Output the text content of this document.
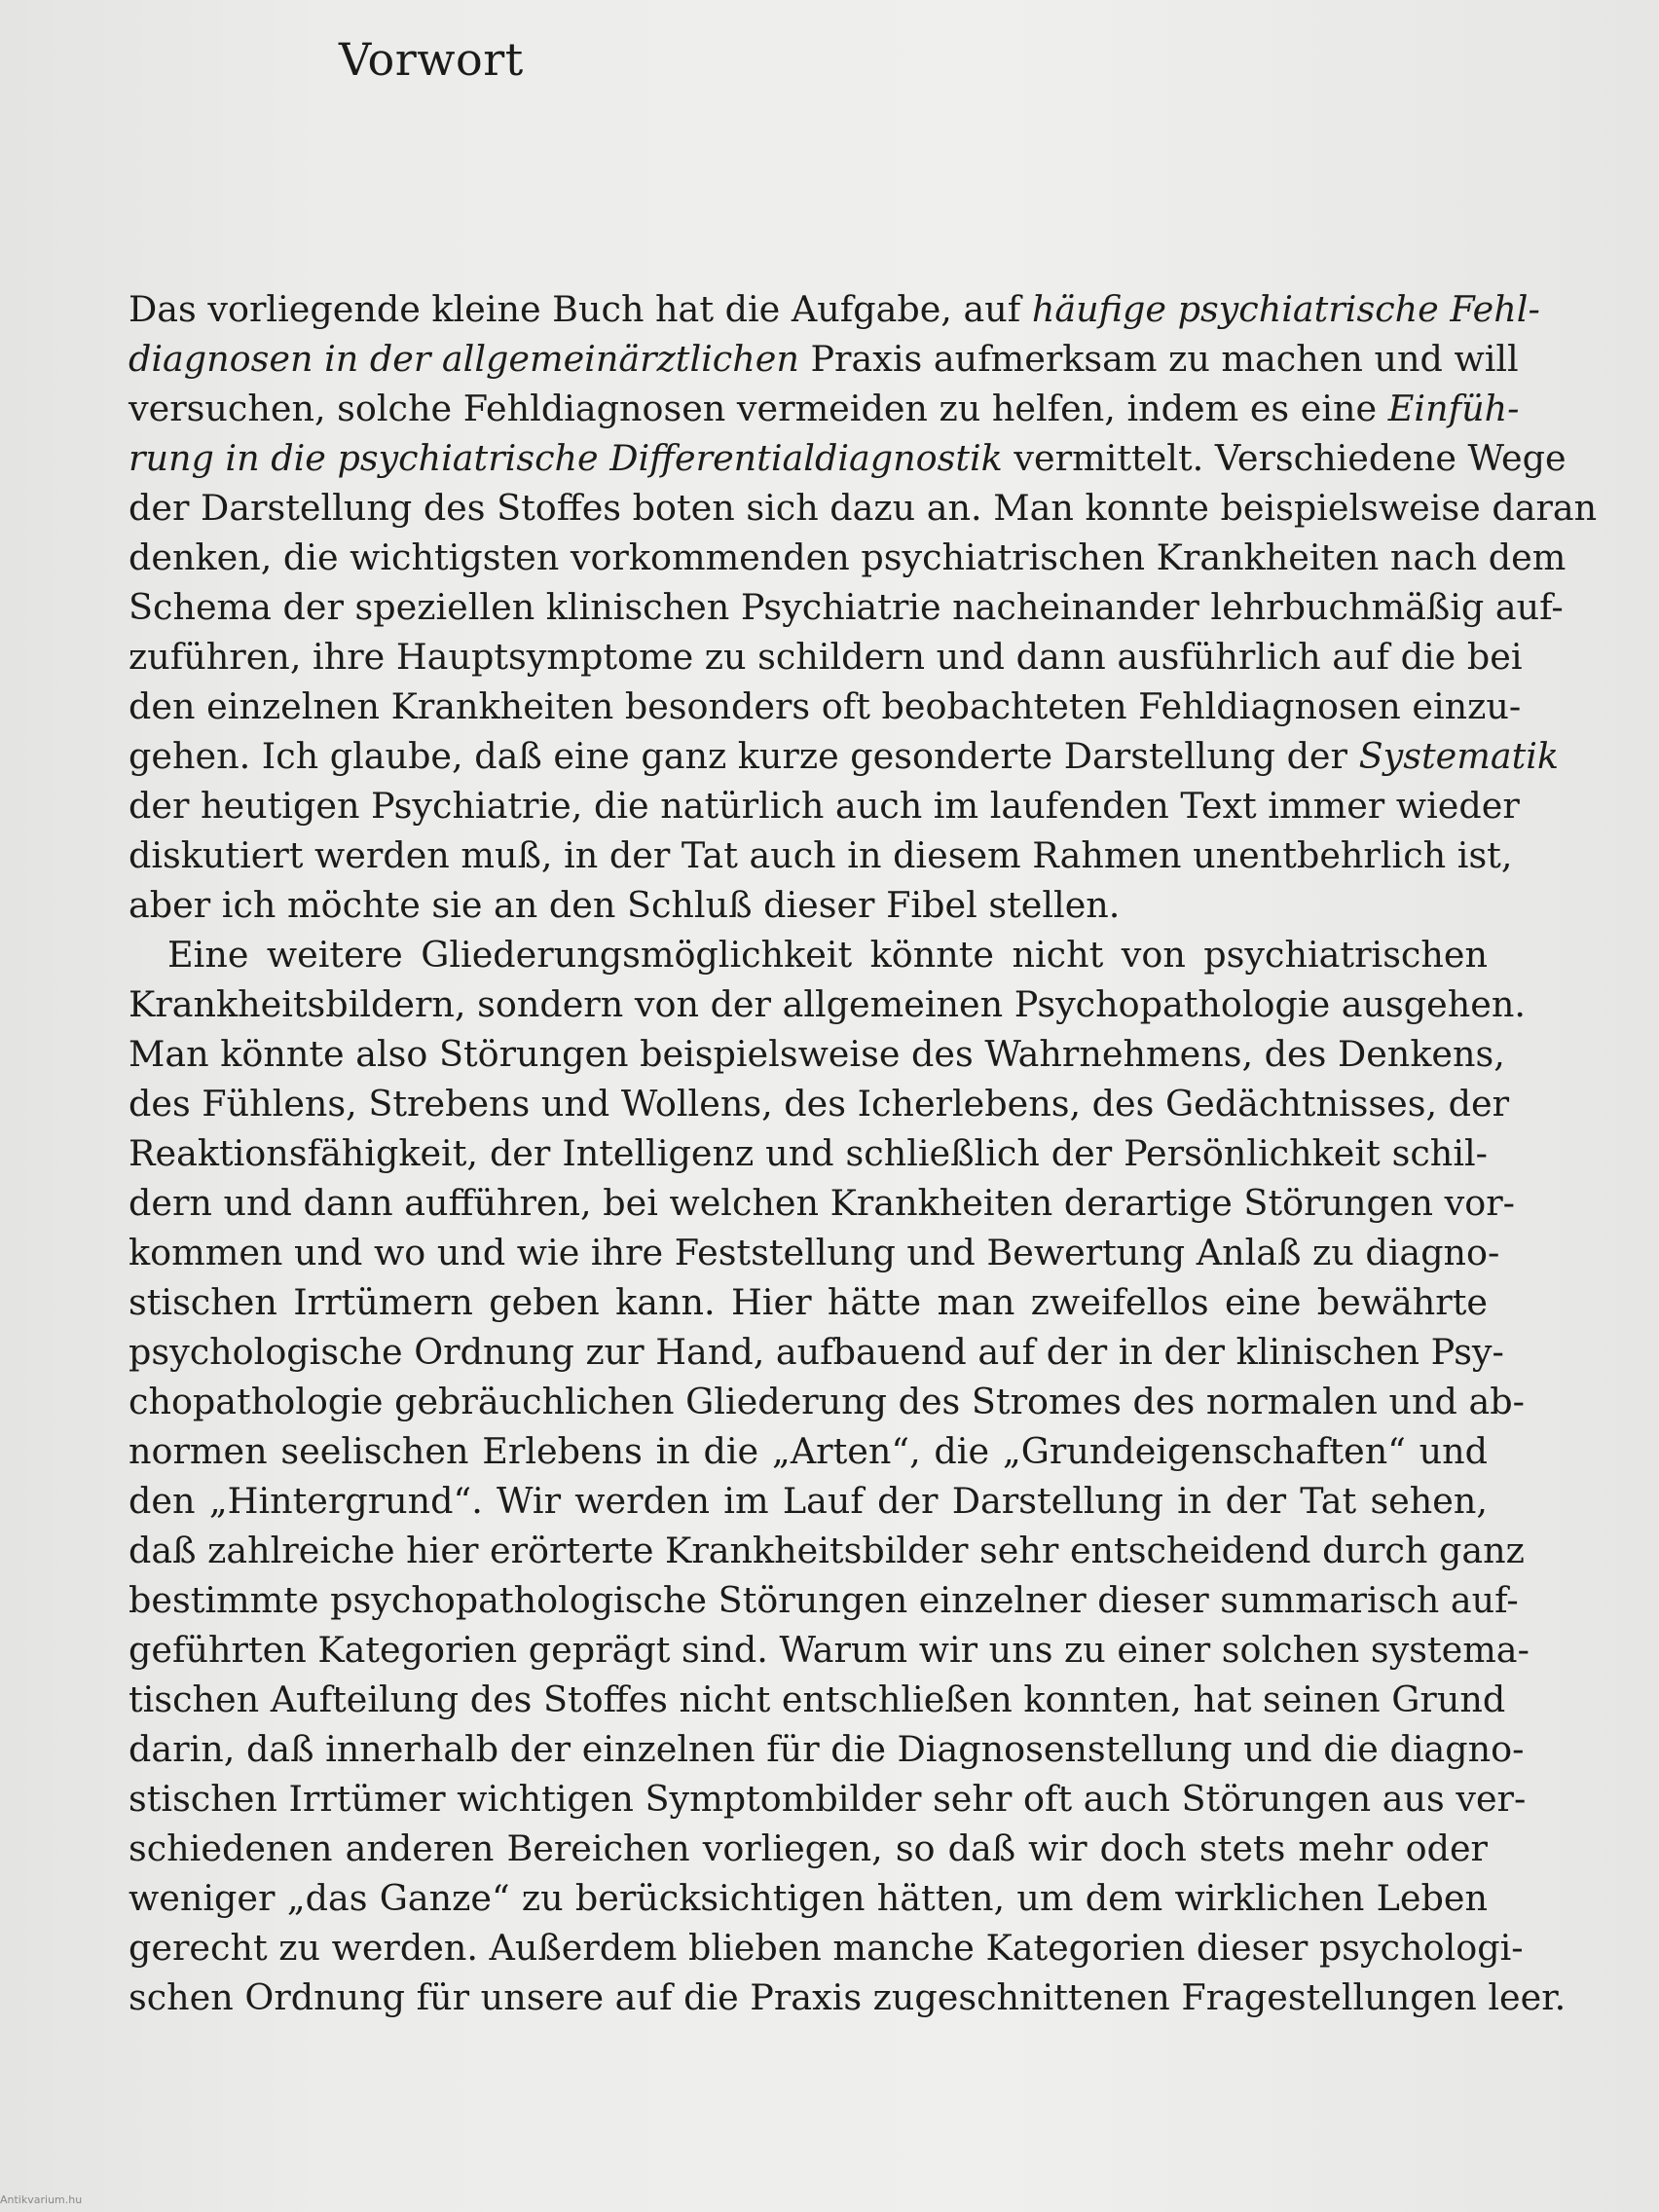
Vorwort
Das vorliegende kleine Buch hat die Aufgabe, auf häufige psychiatrische Fehl-
diagnosen in der allgemeinärztlichen Praxis aufmerksam zu machen und will
versuchen, solche Fehldiagnosen vermeiden zu helfen, indem es eine Einfüh-
rung in die psychiatrische Differentialdiagnostik vermittelt. Verschiedene Wege
der Darstellung des Stoffes boten sich dazu an. Man konnte beispielsweise daran
denken, die wichtigsten vorkommenden psychiatrischen Krankheiten nach dem
Schema der speziellen klinischen Psychiatrie nacheinander lehrbuchmäßig auf-
zuführen, ihre Hauptsymptome zu schildern und dann ausführlich auf die bei
den einzelnen Krankheiten besonders oft beobachteten Fehldiagnosen einzu-
gehen. Ich glaube, daß eine ganz kurze gesonderte Darstellung der Systematik
der heutigen Psychiatrie, die natürlich auch im laufenden Text immer wieder
diskutiert werden muß, in der Tat auch in diesem Rahmen unentbehrlich ist,
aber ich möchte sie an den Schluß dieser Fibel stellen.
Eine weitere Gliederungsmöglichkeit könnte nicht von psychiatrischen
Krankheitsbildern, sondern von der allgemeinen Psychopathologie ausgehen.
Man könnte also Störungen beispielsweise des Wahrnehmens, des Denkens,
des Fühlens, Strebens und Wollens, des Icherlebens, des Gedächtnisses, der
Reaktionsfähigkeit, der Intelligenz und schließlich der Persönlichkeit schil-
dern und dann aufführen, bei welchen Krankheiten derartige Störungen vor-
kommen und wo und wie ihre Feststellung und Bewertung Anlaß zu diagno-
stischen Irrtümern geben kann. Hier hätte man zweifellos eine bewährte
psychologische Ordnung zur Hand, aufbauend auf der in der klinischen Psy-
chopathologie gebräuchlichen Gliederung des Stromes des normalen und ab-
normen seelischen Erlebens in die „Arten“, die „Grundeigenschaften“ und
den „Hintergrund“. Wir werden im Lauf der Darstellung in der Tat sehen,
daß zahlreiche hier erörterte Krankheitsbilder sehr entscheidend durch ganz
bestimmte psychopathologische Störungen einzelner dieser summarisch auf-
geführten Kategorien geprägt sind. Warum wir uns zu einer solchen systema-
tischen Aufteilung des Stoffes nicht entschließen konnten, hat seinen Grund
darin, daß innerhalb der einzelnen für die Diagnosenstellung und die diagno-
stischen Irrtümer wichtigen Symptombilder sehr oft auch Störungen aus ver-
schiedenen anderen Bereichen vorliegen, so daß wir doch stets mehr oder
weniger „das Ganze“ zu berücksichtigen hätten, um dem wirklichen Leben
gerecht zu werden. Außerdem blieben manche Kategorien dieser psychologi-
schen Ordnung für unsere auf die Praxis zugeschnittenen Fragestellungen leer.
Antikvarium.hu
